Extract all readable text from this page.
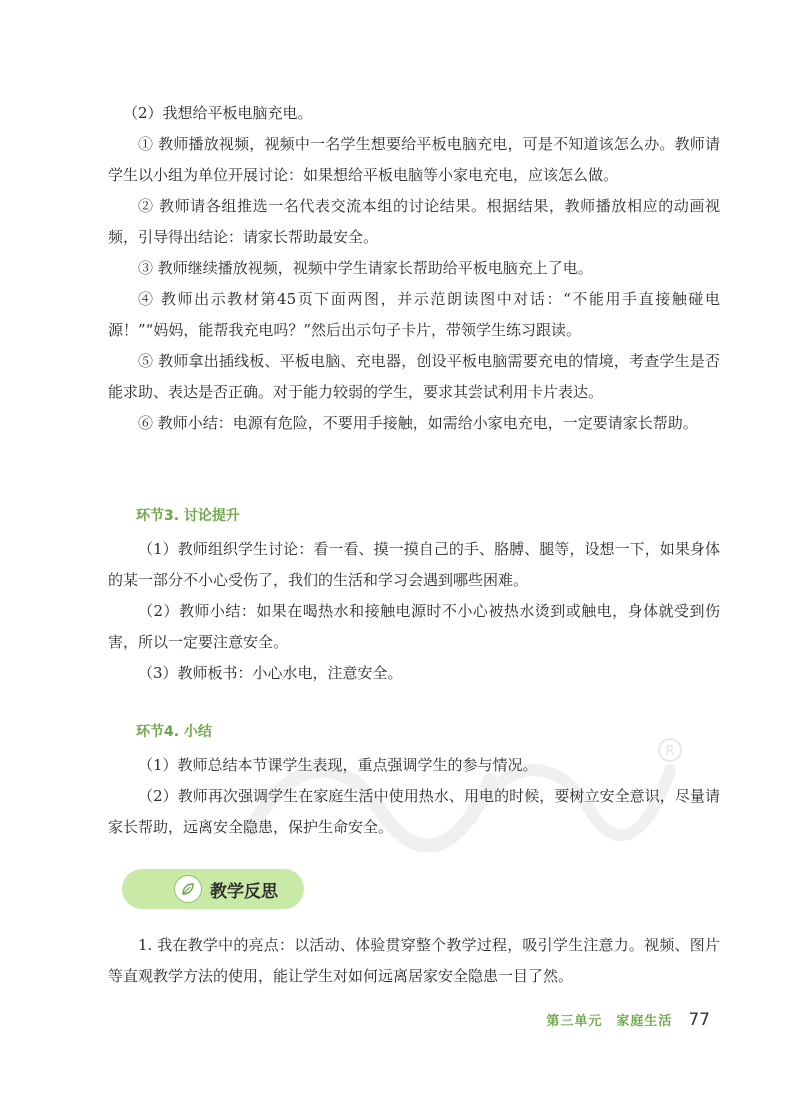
R

（2）我想给平板电脑充电。

① 教师播放视频，视频中一名学生想要给平板电脑充电，可是不知道该怎么办。教师请学生以小组为单位开展讨论：如果想给平板电脑等小家电充电，应该怎么做。

② 教师请各组推选一名代表交流本组的讨论结果。根据结果，教师播放相应的动画视频，引导得出结论：请家长帮助最安全。

③ 教师继续播放视频，视频中学生请家长帮助给平板电脑充上了电。

④ 教师出示教材第45页下面两图，并示范朗读图中对话：“不能用手直接触碰电源！”“妈妈，能帮我充电吗？”然后出示句子卡片，带领学生练习跟读。

⑤ 教师拿出插线板、平板电脑、充电器，创设平板电脑需要充电的情境，考查学生是否能求助、表达是否正确。对于能力较弱的学生，要求其尝试利用卡片表达。

⑥ 教师小结：电源有危险，不要用手接触，如需给小家电充电，一定要请家长帮助。

环节3. 讨论提升

（1）教师组织学生讨论：看一看、摸一摸自己的手、胳膊、腿等，设想一下，如果身体的某一部分不小心受伤了，我们的生活和学习会遇到哪些困难。

（2）教师小结：如果在喝热水和接触电源时不小心被热水烫到或触电，身体就受到伤害，所以一定要注意安全。

（3）教师板书：小心水电，注意安全。

环节4. 小结

（1）教师总结本节课学生表现，重点强调学生的参与情况。

（2）教师再次强调学生在家庭生活中使用热水、用电的时候，要树立安全意识，尽量请家长帮助，远离安全隐患，保护生命安全。

教学反思

1. 我在教学中的亮点：以活动、体验贯穿整个教学过程，吸引学生注意力。视频、图片等直观教学方法的使用，能让学生对如何远离居家安全隐患一目了然。

第三单元　家庭生活 77
